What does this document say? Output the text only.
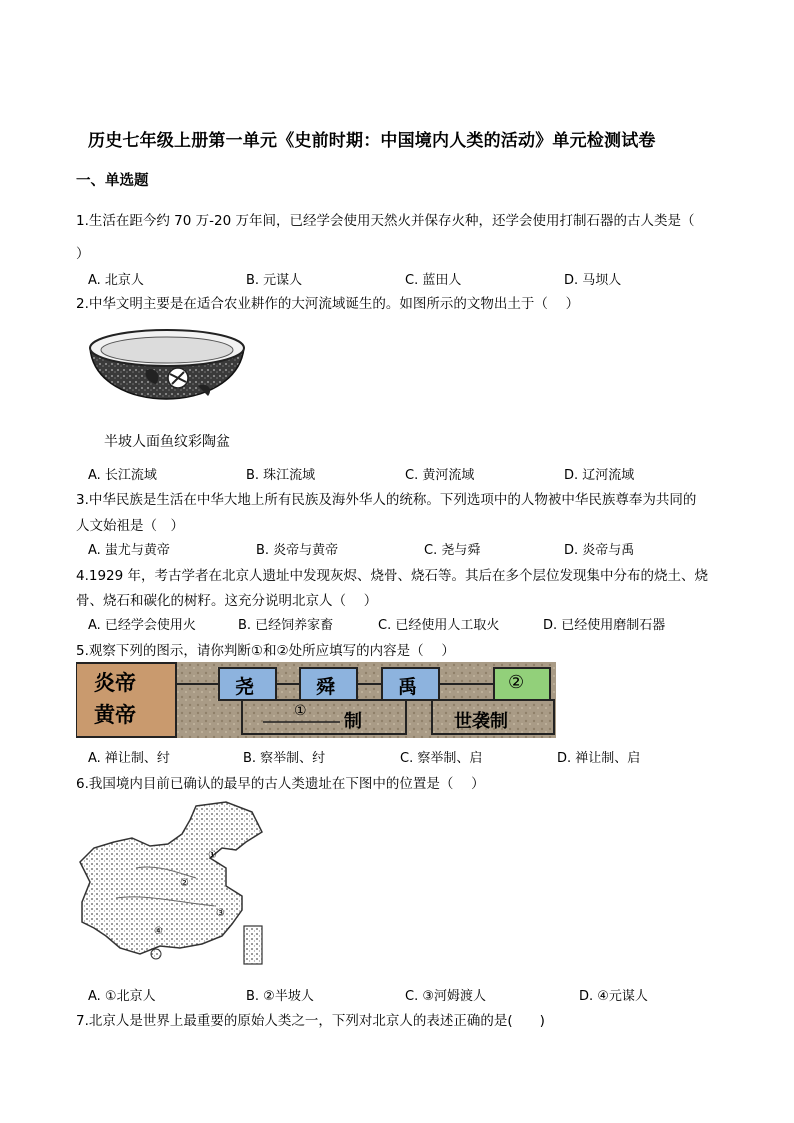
历史七年级上册第一单元《史前时期：中国境内人类的活动》单元检测试卷
一、单选题
1.生活在距今约 70 万-20 万年间，已经学会使用天然火并保存火种，还学会使用打制石器的古人类是（
）
A. 北京人	B. 元谋人	C. 蓝田人	D. 马坝人
2.中华文明主要是在适合农业耕作的大河流域诞生的。如图所示的文物出土于（　 ）
半坡人面鱼纹彩陶盆
A. 长江流域	B. 珠江流域	C. 黄河流域	D. 辽河流域
3.中华民族是生活在中华大地上所有民族及海外华人的统称。下列选项中的人物被中华民族尊奉为共同的
人文始祖是（　）
A. 蚩尤与黄帝	B. 炎帝与黄帝	C. 尧与舜	D. 炎帝与禹
4.1929 年，考古学者在北京人遗址中发现灰烬、烧骨、烧石等。其后在多个层位发现集中分布的烧土、烧
骨、烧石和碳化的树籽。这充分说明北京人（　 ）
A. 已经学会使用火	B. 已经饲养家畜	C. 已经使用人工取火	D. 已经使用磨制石器
5.观察下列的图示，请你判断①和②处所应填写的内容是（　 ）
炎帝
黄帝
尧	舜	禹	②
① 制	世袭制
A. 禅让制、纣	B. 察举制、纣	C. 察举制、启	D. 禅让制、启
6.我国境内目前已确认的最早的古人类遗址在下图中的位置是（　 ）
①
②
③
④
A. ①北京人	B. ②半坡人	C. ③河姆渡人	D. ④元谋人
7.北京人是世界上最重要的原始人类之一，下列对北京人的表述正确的是(　　)
